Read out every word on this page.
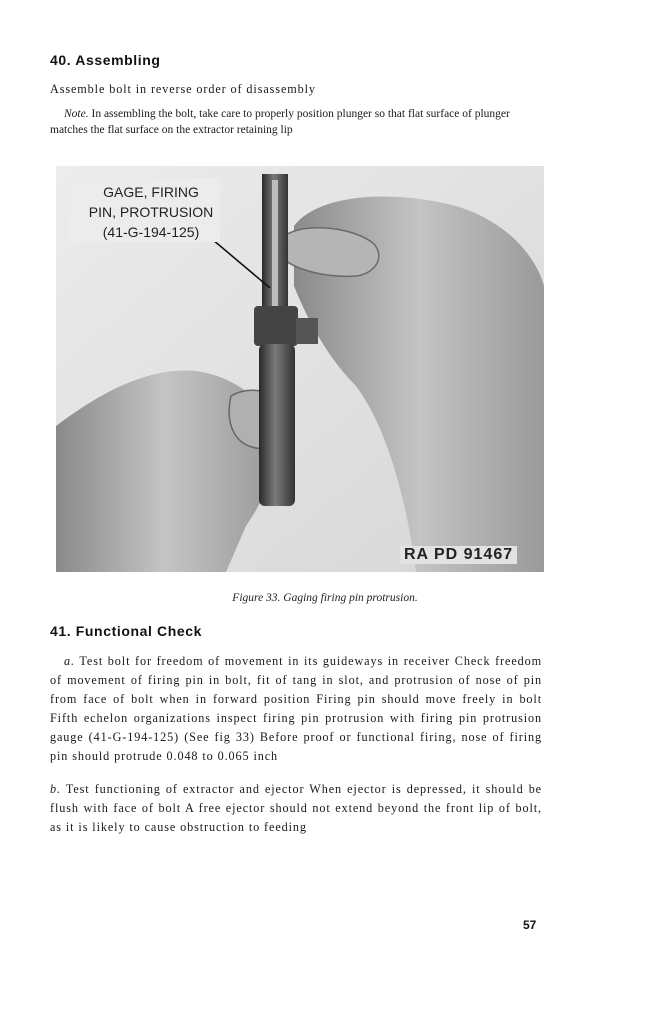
40. Assembling
Assemble bolt in reverse order of disassembly
Note. In assembling the bolt, take care to properly position plunger so that flat surface of plunger matches the flat surface on the extractor retaining lip
GAGE, FIRING
PIN, PROTRUSION
(41-G-194-125)
RA PD 91467
Figure 33. Gaging firing pin protrusion.
41. Functional Check
a. Test bolt for freedom of movement in its guideways in receiver Check freedom of movement of firing pin in bolt, fit of tang in slot, and protrusion of nose of pin from face of bolt when in forward position Firing pin should move freely in bolt Fifth echelon organizations inspect firing pin protrusion with firing pin protrusion gauge (41-G-194-125) (See fig 33) Before proof or functional firing, nose of firing pin should protrude 0.048 to 0.065 inch
b. Test functioning of extractor and ejector When ejector is depressed, it should be flush with face of bolt A free ejector should not extend beyond the front lip of bolt, as it is likely to cause obstruction to feeding
57
